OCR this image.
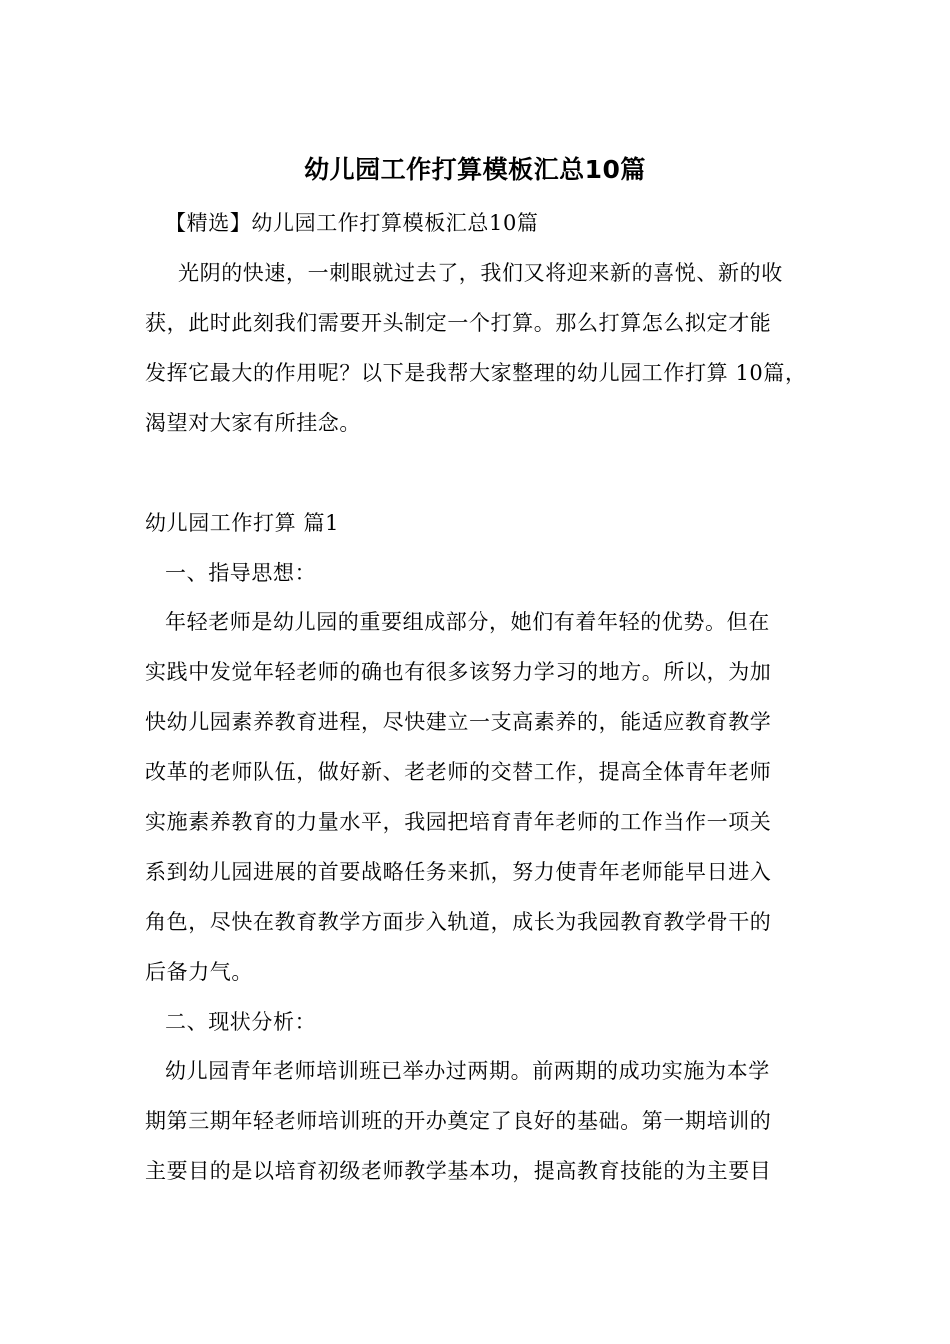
幼儿园工作打算模板汇总10篇
【精选】幼儿园工作打算模板汇总10篇
光阴的快速，一刺眼就过去了，我们又将迎来新的喜悦、新的收
获，此时此刻我们需要开头制定一个打算。那么打算怎么拟定才能
发挥它最大的作用呢？以下是我帮大家整理的幼儿园工作打算 10篇，
渴望对大家有所挂念。
幼儿园工作打算 篇1
一、指导思想：
年轻老师是幼儿园的重要组成部分，她们有着年轻的优势。但在
实践中发觉年轻老师的确也有很多该努力学习的地方。所以，为加
快幼儿园素养教育进程，尽快建立一支高素养的，能适应教育教学
改革的老师队伍，做好新、老老师的交替工作，提高全体青年老师
实施素养教育的力量水平，我园把培育青年老师的工作当作一项关
系到幼儿园进展的首要战略任务来抓，努力使青年老师能早日进入
角色，尽快在教育教学方面步入轨道，成长为我园教育教学骨干的
后备力气。
二、现状分析：
幼儿园青年老师培训班已举办过两期。前两期的成功实施为本学
期第三期年轻老师培训班的开办奠定了良好的基础。第一期培训的
主要目的是以培育初级老师教学基本功，提高教育技能的为主要目
